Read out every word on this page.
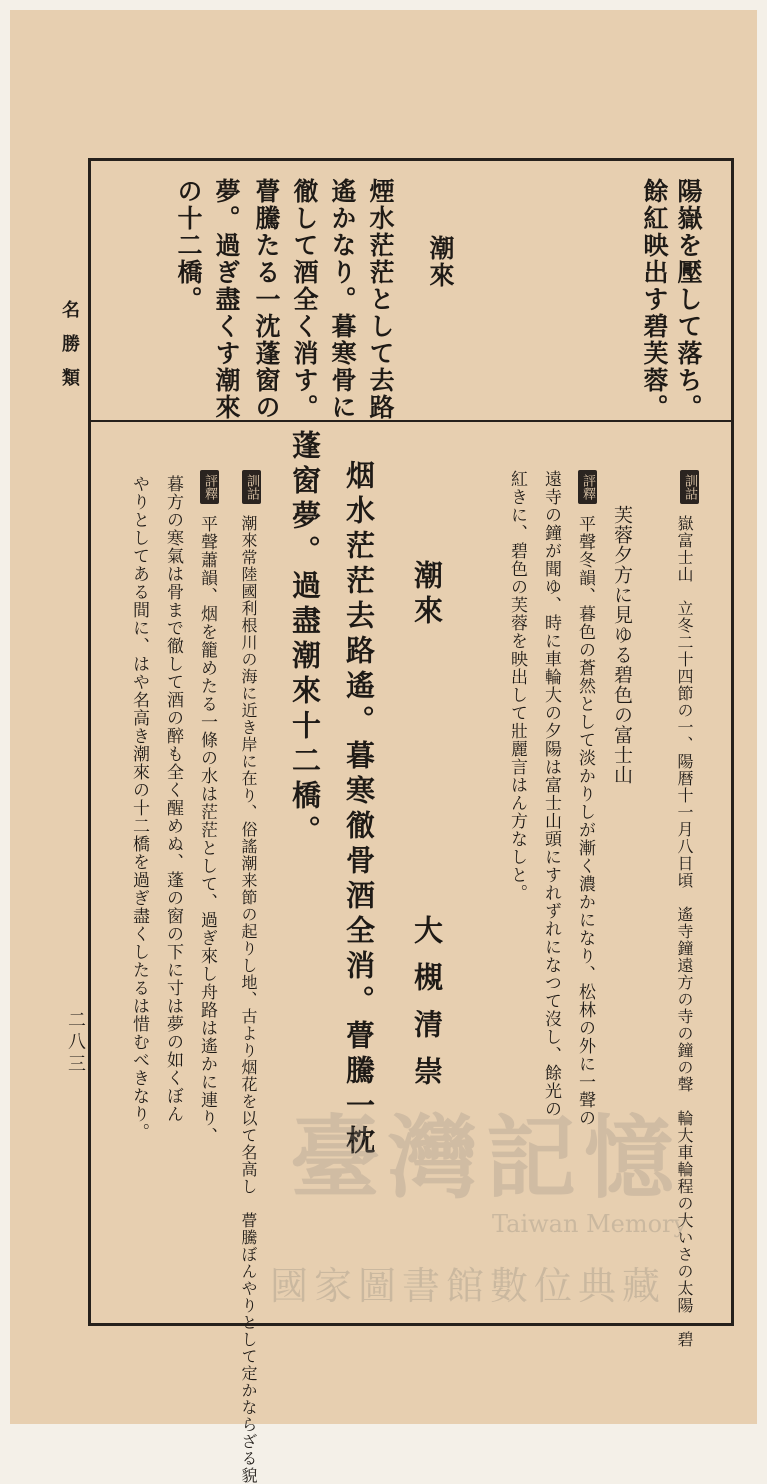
名勝類
二八三
陽嶽を壓して落ち。
餘紅映出す碧芙蓉。
潮來
煙水茫茫として去路
遙かなり。暮寒骨に
徹して酒全く消す。
瞢騰たる一沈蓬窗の
夢。過ぎ盡くす潮來
の十二橋。
訓詁
嶽富士山　立冬二十四節の一、陽暦十一月八日頃　遙寺鐘遠方の寺の鐘の聲　輪大車輪程の大いさの太陽　碧
芙蓉夕方に見ゆる碧色の富士山
評釋
平聲冬韻、暮色の蒼然として淡かりしが漸く濃かになり、松林の外に一聲の
遠寺の鐘が聞ゆ、時に車輪大の夕陽は富士山頭にすれずれになつて沒し、餘光の
紅きに、碧色の芙蓉を映出して壯麗言はん方なしと。
潮來
大槻清崇
烟水茫茫去路遙。暮寒徹骨酒全消。瞢騰一枕
蓬窗夢。過盡潮來十二橋。
訓詁
潮來常陸國利根川の海に近き岸に在り、俗謠潮来節の起りし地、古より烟花を以て名高し　瞢騰ぼんやりとして定かならざる貌
評釋
平聲蕭韻、烟を籠めたる一條の水は茫茫として、過ぎ來し舟路は遙かに連り、
暮方の寒氣は骨まで徹して酒の醉も全く醒めぬ、蓬の窗の下に寸は夢の如くぼん
やりとしてある間に、はや名高き潮來の十二橋を過ぎ盡くしたるは惜むべきなり。
臺灣記憶
Taiwan Memory
國家圖書館數位典藏
